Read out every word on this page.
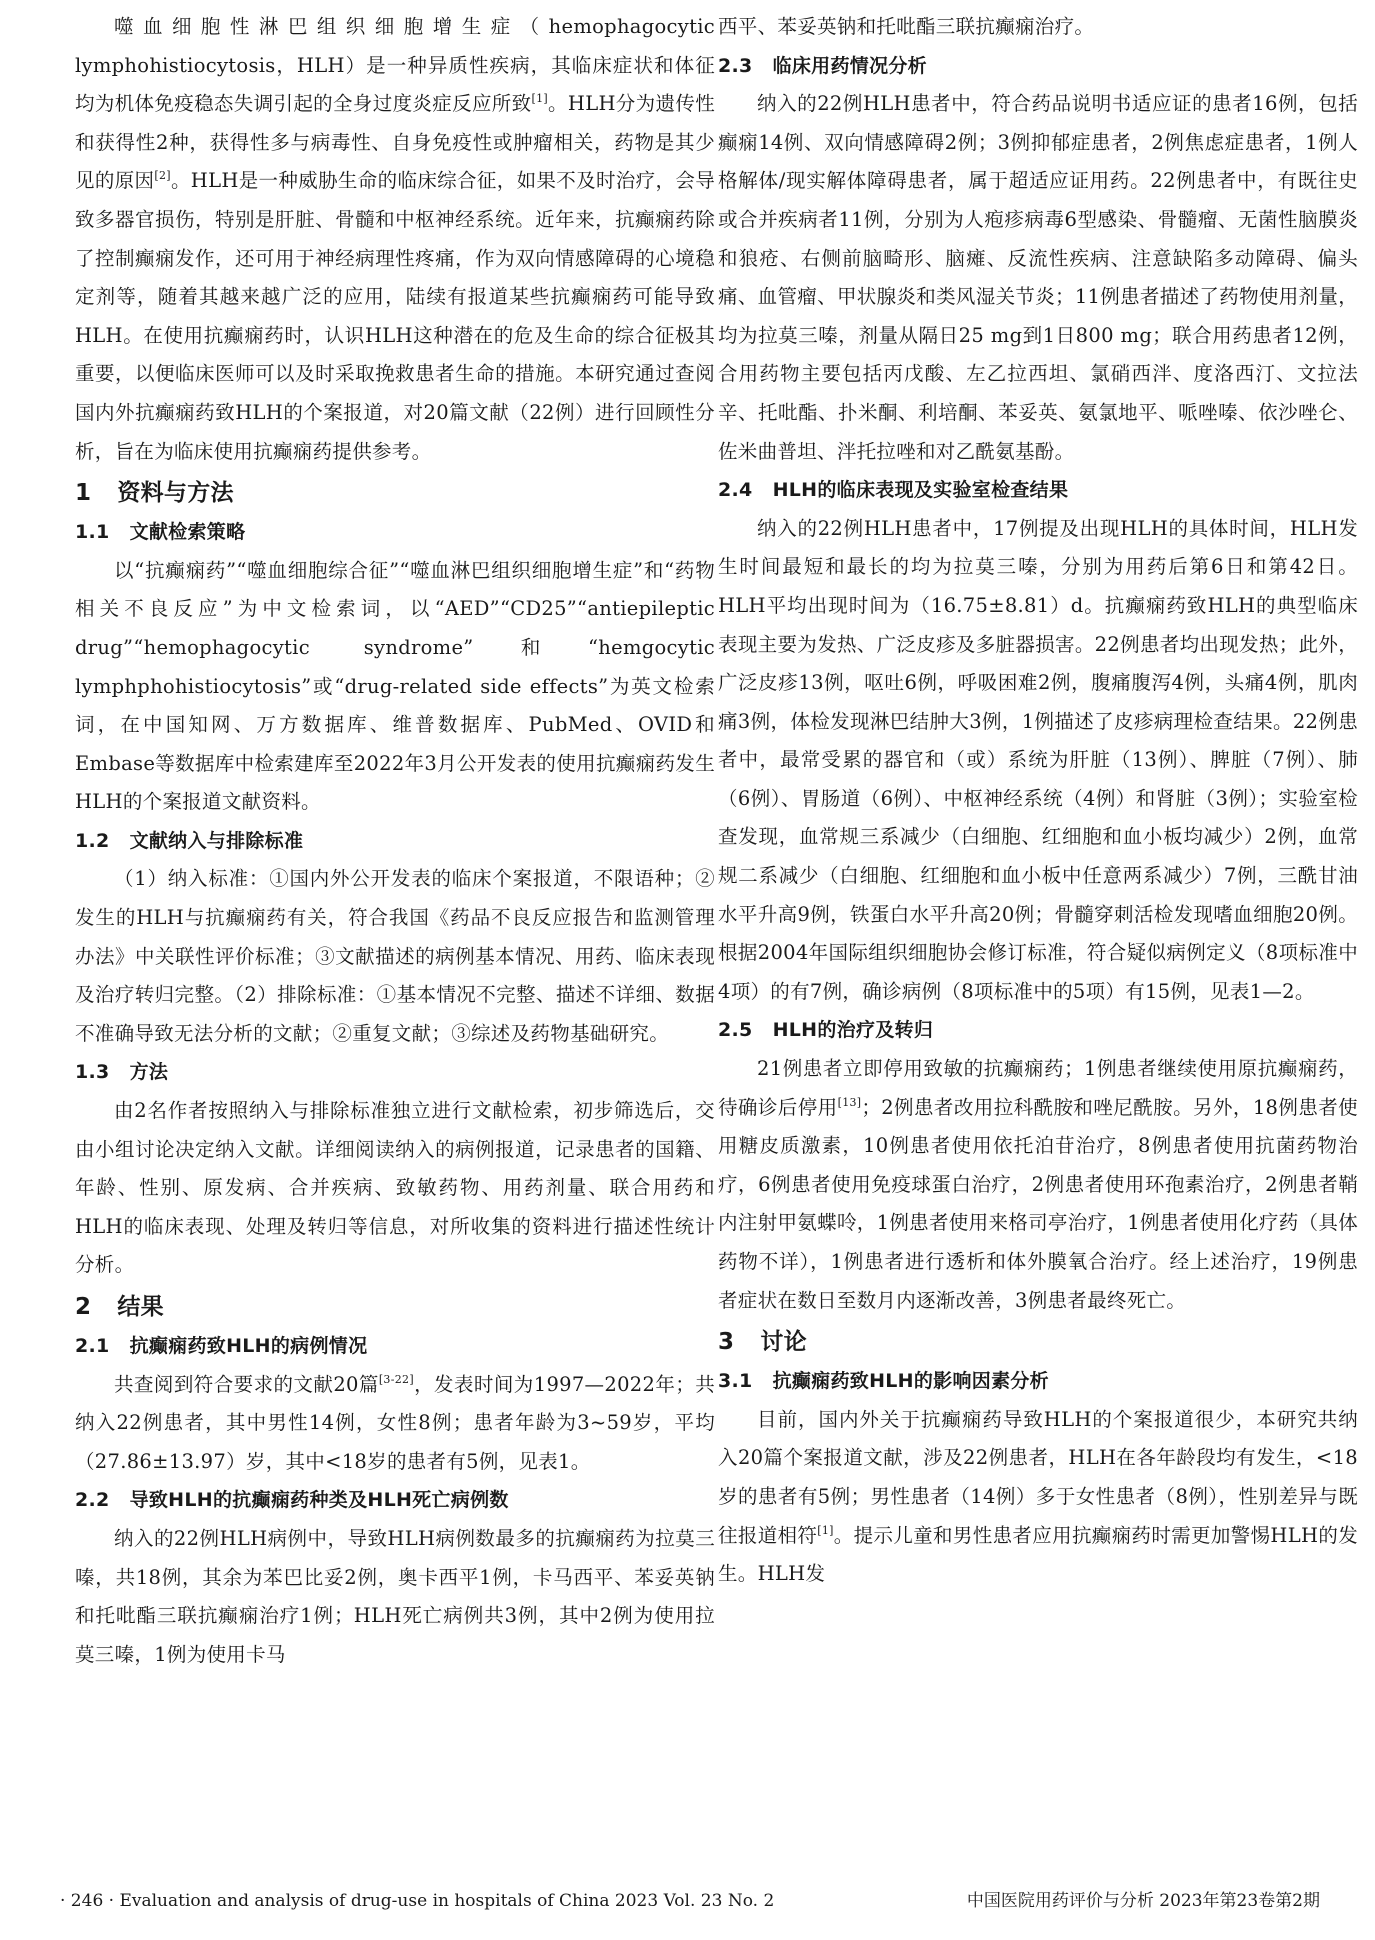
噬血细胞性淋巴组织细胞增生症（hemophagocytic lymphohistiocytosis，HLH）是一种异质性疾病，其临床症状和体征均为机体免疫稳态失调引起的全身过度炎症反应所致[1]。HLH分为遗传性和获得性2种，获得性多与病毒性、自身免疫性或肿瘤相关，药物是其少见的原因[2]。HLH是一种威胁生命的临床综合征，如果不及时治疗，会导致多器官损伤，特别是肝脏、骨髓和中枢神经系统。近年来，抗癫痫药除了控制癫痫发作，还可用于神经病理性疼痛，作为双向情感障碍的心境稳定剂等，随着其越来越广泛的应用，陆续有报道某些抗癫痫药可能导致HLH。在使用抗癫痫药时，认识HLH这种潜在的危及生命的综合征极其重要，以便临床医师可以及时采取挽救患者生命的措施。本研究通过查阅国内外抗癫痫药致HLH的个案报道，对20篇文献（22例）进行回顾性分析，旨在为临床使用抗癫痫药提供参考。

1 资料与方法
1.1 文献检索策略

以“抗癫痫药”“噬血细胞综合征”“噬血淋巴组织细胞增生症”和“药物相关不良反应”为中文检索词，以“AED”“CD25”“antiepileptic drug”“hemophagocytic syndrome”和“hemgocytic lymphphohistiocytosis”或“drug-related side effects”为英文检索词，在中国知网、万方数据库、维普数据库、PubMed、OVID和Embase等数据库中检索建库至2022年3月公开发表的使用抗癫痫药发生HLH的个案报道文献资料。

1.2 文献纳入与排除标准

（1）纳入标准：①国内外公开发表的临床个案报道，不限语种；②发生的HLH与抗癫痫药有关，符合我国《药品不良反应报告和监测管理办法》中关联性评价标准；③文献描述的病例基本情况、用药、临床表现及治疗转归完整。（2）排除标准：①基本情况不完整、描述不详细、数据不准确导致无法分析的文献；②重复文献；③综述及药物基础研究。

1.3 方法

由2名作者按照纳入与排除标准独立进行文献检索，初步筛选后，交由小组讨论决定纳入文献。详细阅读纳入的病例报道，记录患者的国籍、年龄、性别、原发病、合并疾病、致敏药物、用药剂量、联合用药和HLH的临床表现、处理及转归等信息，对所收集的资料进行描述性统计分析。

2 结果
2.1 抗癫痫药致HLH的病例情况

共查阅到符合要求的文献20篇[3-22]，发表时间为1997—2022年；共纳入22例患者，其中男性14例，女性8例；患者年龄为3~59岁，平均（27.86±13.97）岁，其中<18岁的患者有5例，见表1。

2.2 导致HLH的抗癫痫药种类及HLH死亡病例数

纳入的22例HLH病例中，导致HLH病例数最多的抗癫痫药为拉莫三嗪，共18例，其余为苯巴比妥2例，奥卡西平1例，卡马西平、苯妥英钠和托吡酯三联抗癫痫治疗1例；HLH死亡病例共3例，其中2例为使用拉莫三嗪，1例为使用卡马

西平、苯妥英钠和托吡酯三联抗癫痫治疗。

2.3 临床用药情况分析

纳入的22例HLH患者中，符合药品说明书适应证的患者16例，包括癫痫14例、双向情感障碍2例；3例抑郁症患者，2例焦虑症患者，1例人格解体/现实解体障碍患者，属于超适应证用药。22例患者中，有既往史或合并疾病者11例，分别为人疱疹病毒6型感染、骨髓瘤、无菌性脑膜炎和狼疮、右侧前脑畸形、脑瘫、反流性疾病、注意缺陷多动障碍、偏头痛、血管瘤、甲状腺炎和类风湿关节炎；11例患者描述了药物使用剂量，均为拉莫三嗪，剂量从隔日25 mg到1日800 mg；联合用药患者12例，合用药物主要包括丙戊酸、左乙拉西坦、氯硝西泮、度洛西汀、文拉法辛、托吡酯、扑米酮、利培酮、苯妥英、氨氯地平、哌唑嗪、依沙唑仑、佐米曲普坦、泮托拉唑和对乙酰氨基酚。

2.4 HLH的临床表现及实验室检查结果

纳入的22例HLH患者中，17例提及出现HLH的具体时间，HLH发生时间最短和最长的均为拉莫三嗪，分别为用药后第6日和第42日。HLH平均出现时间为（16.75±8.81）d。抗癫痫药致HLH的典型临床表现主要为发热、广泛皮疹及多脏器损害。22例患者均出现发热；此外，广泛皮疹13例，呕吐6例，呼吸困难2例，腹痛腹泻4例，头痛4例，肌肉痛3例，体检发现淋巴结肿大3例，1例描述了皮疹病理检查结果。22例患者中，最常受累的器官和（或）系统为肝脏（13例）、脾脏（7例）、肺（6例）、胃肠道（6例）、中枢神经系统（4例）和肾脏（3例）；实验室检查发现，血常规三系减少（白细胞、红细胞和血小板均减少）2例，血常规二系减少（白细胞、红细胞和血小板中任意两系减少）7例，三酰甘油水平升高9例，铁蛋白水平升高20例；骨髓穿刺活检发现嗜血细胞20例。根据2004年国际组织细胞协会修订标准，符合疑似病例定义（8项标准中4项）的有7例，确诊病例（8项标准中的5项）有15例，见表1—2。

2.5 HLH的治疗及转归

21例患者立即停用致敏的抗癫痫药；1例患者继续使用原抗癫痫药，待确诊后停用[13]；2例患者改用拉科酰胺和唑尼酰胺。另外，18例患者使用糖皮质激素，10例患者使用依托泊苷治疗，8例患者使用抗菌药物治疗，6例患者使用免疫球蛋白治疗，2例患者使用环孢素治疗，2例患者鞘内注射甲氨蝶呤，1例患者使用来格司亭治疗，1例患者使用化疗药（具体药物不详），1例患者进行透析和体外膜氧合治疗。经上述治疗，19例患者症状在数日至数月内逐渐改善，3例患者最终死亡。

3 讨论
3.1 抗癫痫药致HLH的影响因素分析

目前，国内外关于抗癫痫药导致HLH的个案报道很少，本研究共纳入20篇个案报道文献，涉及22例患者，HLH在各年龄段均有发生，<18岁的患者有5例；男性患者（14例）多于女性患者（8例），性别差异与既往报道相符[1]。提示儿童和男性患者应用抗癫痫药时需更加警惕HLH的发生。HLH发

· 246 · Evaluation and analysis of drug-use in hospitals of China 2023 Vol. 23 No. 2	中国医院用药评价与分析 2023年第23卷第2期
